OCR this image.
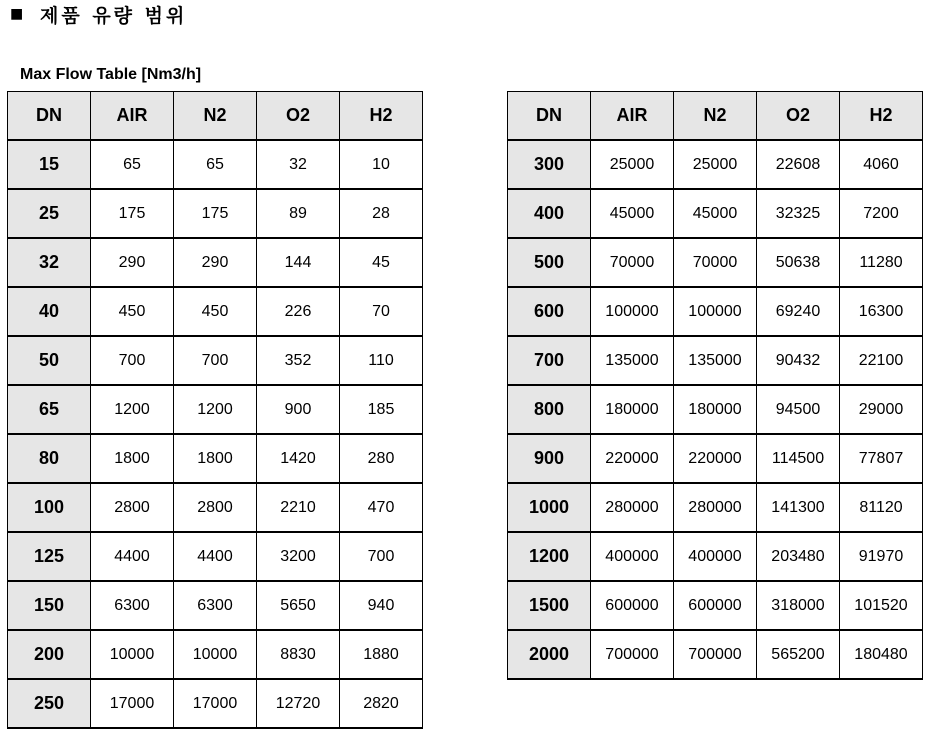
■ 제품 유량 범위
Max Flow Table [Nm3/h]
DN	AIR	N2	O2	H2
15	65	65	32	10
25	175	175	89	28
32	290	290	144	45
40	450	450	226	70
50	700	700	352	110
65	1200	1200	900	185
80	1800	1800	1420	280
100	2800	2800	2210	470
125	4400	4400	3200	700
150	6300	6300	5650	940
200	10000	10000	8830	1880
250	17000	17000	12720	2820
DN	AIR	N2	O2	H2
300	25000	25000	22608	4060
400	45000	45000	32325	7200
500	70000	70000	50638	11280
600	100000	100000	69240	16300
700	135000	135000	90432	22100
800	180000	180000	94500	29000
900	220000	220000	114500	77807
1000	280000	280000	141300	81120
1200	400000	400000	203480	91970
1500	600000	600000	318000	101520
2000	700000	700000	565200	180480
